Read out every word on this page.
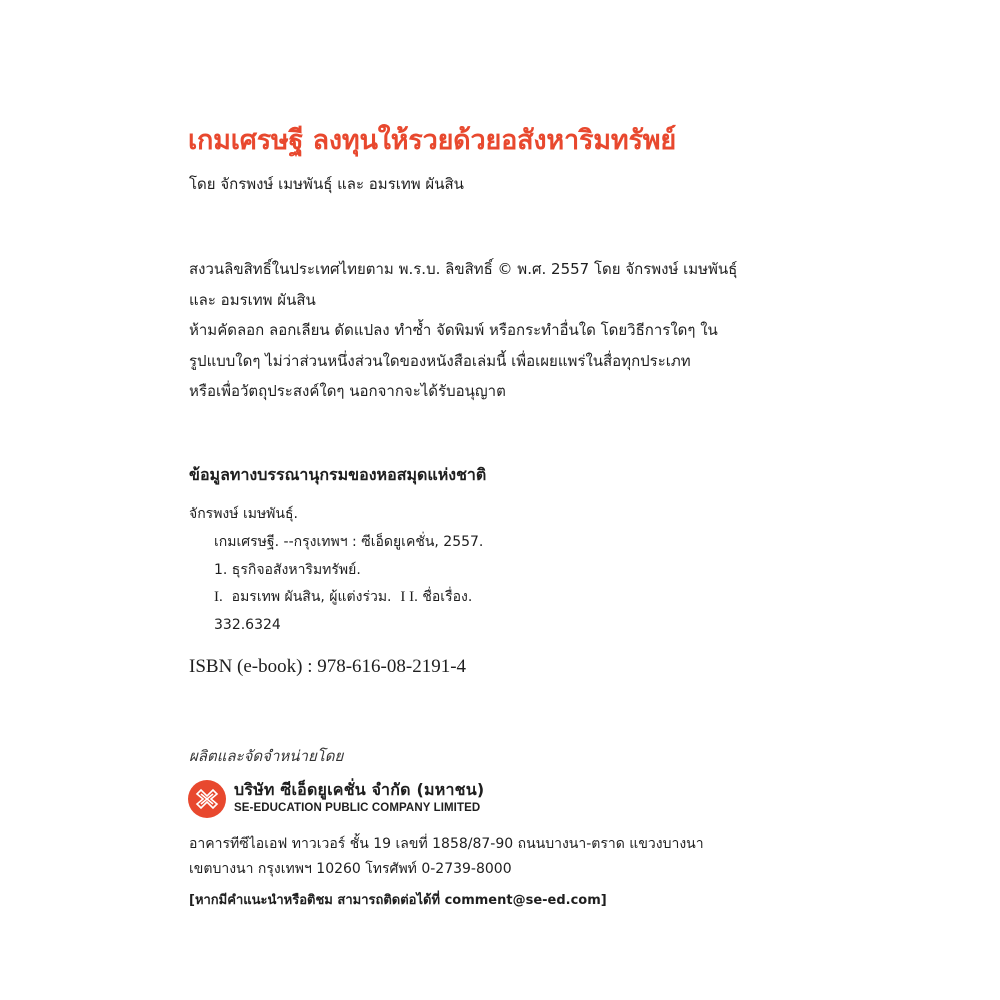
เกมเศรษฐี ลงทุนให้รวยด้วยอสังหาริมทรัพย์
โดย จักรพงษ์ เมษพันธุ์ และ อมรเทพ ผันสิน
สงวนลิขสิทธิ์ในประเทศไทยตาม พ.ร.บ. ลิขสิทธิ์ © พ.ศ. 2557 โดย จักรพงษ์ เมษพันธุ์
และ อมรเทพ ผันสิน
ห้ามคัดลอก ลอกเลียน ดัดแปลง ทำซ้ำ จัดพิมพ์ หรือกระทำอื่นใด โดยวิธีการใดๆ ใน
รูปแบบใดๆ ไม่ว่าส่วนหนึ่งส่วนใดของหนังสือเล่มนี้ เพื่อเผยแพร่ในสื่อทุกประเภท
หรือเพื่อวัตถุประสงค์ใดๆ นอกจากจะได้รับอนุญาต
ข้อมูลทางบรรณานุกรมของหอสมุดแห่งชาติ
จักรพงษ์ เมษพันธุ์.
เกมเศรษฐี. --กรุงเทพฯ : ซีเอ็ดยูเคชั่น, 2557.
1. ธุรกิจอสังหาริมทรัพย์.
I. อมรเทพ ผันสิน, ผู้แต่งร่วม. I I. ชื่อเรื่อง.
332.6324
ISBN (e-book) : 978-616-08-2191-4
ผลิตและจัดจำหน่ายโดย
บริษัท ซีเอ็ดยูเคชั่น จำกัด (มหาชน)
SE-EDUCATION PUBLIC COMPANY LIMITED
อาคารทีซีไอเอฟ ทาวเวอร์ ชั้น 19 เลขที่ 1858/87-90 ถนนบางนา-ตราด แขวงบางนา
เขตบางนา กรุงเทพฯ 10260 โทรศัพท์ 0-2739-8000
[หากมีคำแนะนำหรือติชม สามารถติดต่อได้ที่ comment@se-ed.com]
